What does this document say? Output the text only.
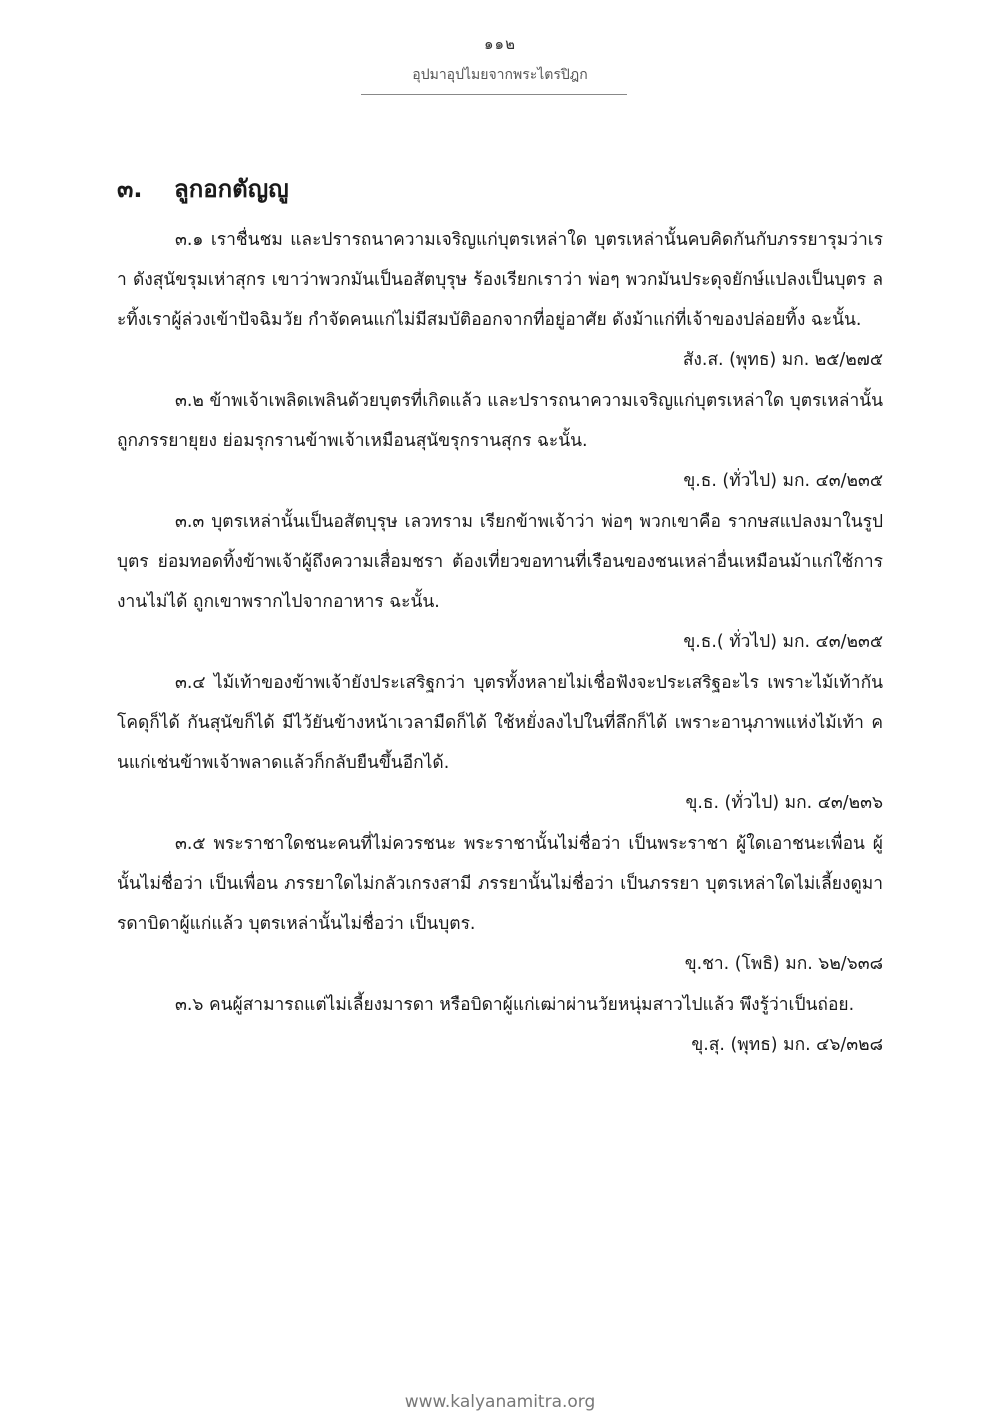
๑๑๒
อุปมาอุปไมยจากพระไตรปิฎก
๓. ลูกอกตัญญู

๓.๑ เราชื่นชม และปรารถนาความเจริญแก่บุตรเหล่าใด บุตรเหล่านั้นคบคิดกันกับภรรยารุมว่าเรา ดังสุนัขรุมเห่าสุกร เขาว่าพวกมันเป็นอสัตบุรุษ ร้องเรียกเราว่า พ่อๆ พวกมันประดุจยักษ์แปลงเป็นบุตร ละทิ้งเราผู้ล่วงเข้าปัจฉิมวัย กำจัดคนแก่ไม่มีสมบัติออกจากที่อยู่อาศัย ดังม้าแก่ที่เจ้าของปล่อยทิ้ง ฉะนั้น.

สัง.ส. (พุทธ) มก. ๒๕/๒๗๕

๓.๒ ข้าพเจ้าเพลิดเพลินด้วยบุตรที่เกิดแล้ว และปรารถนาความเจริญแก่บุตรเหล่าใด บุตรเหล่านั้นถูกภรรยายุยง ย่อมรุกรานข้าพเจ้าเหมือนสุนัขรุกรานสุกร ฉะนั้น.

ขุ.ธ. (ทั่วไป) มก. ๔๓/๒๓๕

๓.๓ บุตรเหล่านั้นเป็นอสัตบุรุษ เลวทราม เรียกข้าพเจ้าว่า พ่อๆ พวกเขาคือ รากษสแปลงมาในรูปบุตร ย่อมทอดทิ้งข้าพเจ้าผู้ถึงความเสื่อมชรา ต้องเที่ยวขอทานที่เรือนของชนเหล่าอื่นเหมือนม้าแก่ใช้การงานไม่ได้ ถูกเขาพรากไปจากอาหาร ฉะนั้น.

ขุ.ธ.( ทั่วไป) มก. ๔๓/๒๓๕

๓.๔ ไม้เท้าของข้าพเจ้ายังประเสริฐกว่า บุตรทั้งหลายไม่เชื่อฟังจะประเสริฐอะไร เพราะไม้เท้ากันโคดุก็ได้ กันสุนัขก็ได้ มีไว้ยันข้างหน้าเวลามืดก็ได้ ใช้หยั่งลงไปในที่ลึกก็ได้ เพราะอานุภาพแห่งไม้เท้า คนแก่เช่นข้าพเจ้าพลาดแล้วก็กลับยืนขึ้นอีกได้.

ขุ.ธ. (ทั่วไป) มก. ๔๓/๒๓๖

๓.๕ พระราชาใดชนะคนที่ไม่ควรชนะ พระราชานั้นไม่ชื่อว่า เป็นพระราชา ผู้ใดเอาชนะเพื่อน ผู้นั้นไม่ชื่อว่า เป็นเพื่อน ภรรยาใดไม่กลัวเกรงสามี ภรรยานั้นไม่ชื่อว่า เป็นภรรยา บุตรเหล่าใดไม่เลี้ยงดูมารดาบิดาผู้แก่แล้ว บุตรเหล่านั้นไม่ชื่อว่า เป็นบุตร.

ขุ.ชา. (โพธิ) มก. ๖๒/๖๓๘

๓.๖ คนผู้สามารถแต่ไม่เลี้ยงมารดา หรือบิดาผู้แก่เฒ่าผ่านวัยหนุ่มสาวไปแล้ว พึงรู้ว่าเป็นถ่อย.

ขุ.สุ. (พุทธ) มก. ๔๖/๓๒๘

www.kalyanamitra.org
